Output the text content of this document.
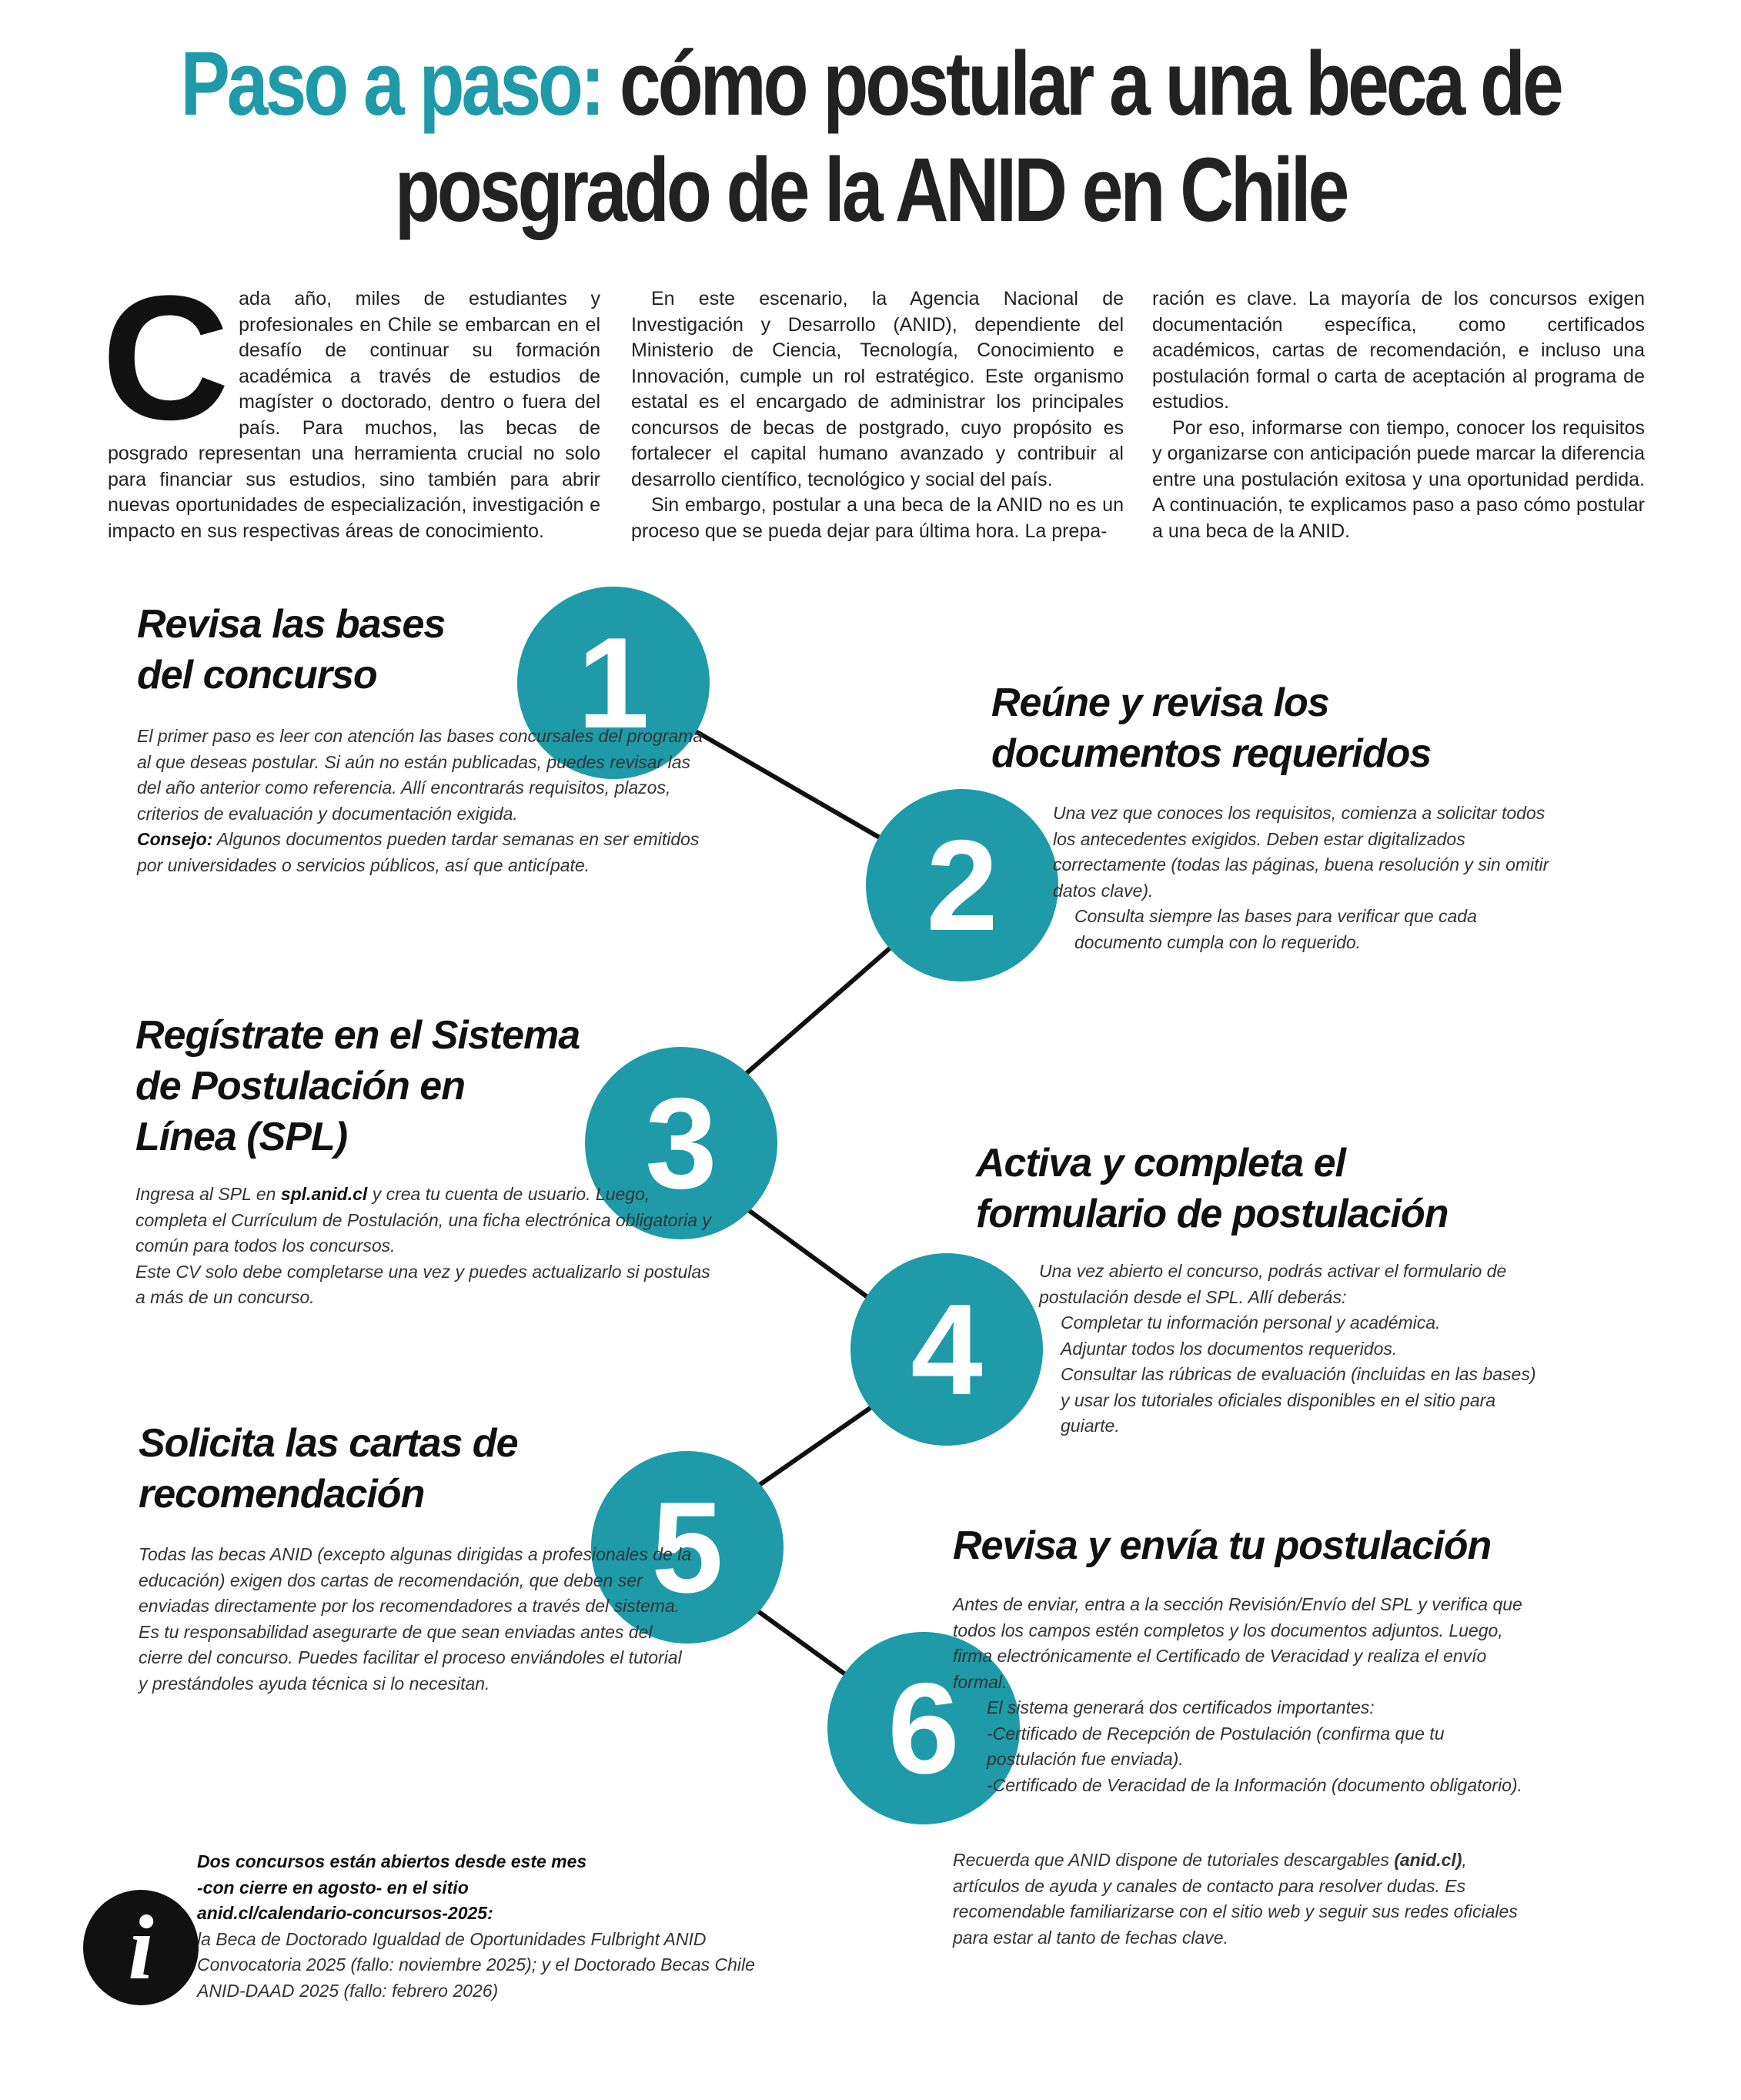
Paso a paso: cómo postular a una beca de
posgrado de la ANID en Chile
C ada año, miles de estudiantes y profesionales en Chile se embarcan en el desafío de continuar su formación académica a través de estudios de magíster o doctorado, dentro o fuera del país. Para muchos, las becas de posgrado representan una herramienta crucial no solo para financiar sus estudios, sino también para abrir nuevas oportunidades de especialización, investigación e impacto en sus respectivas áreas de conocimiento.

En este escenario, la Agencia Nacional de Investigación y Desarrollo (ANID), dependiente del Ministerio de Ciencia, Tecnología, Conocimiento e Innovación, cumple un rol estratégico. Este organismo estatal es el encargado de administrar los principales concursos de becas de postgrado, cuyo propósito es fortalecer el capital humano avanzado y contribuir al desarrollo científico, tecnológico y social del país.

Sin embargo, postular a una beca de la ANID no es un proceso que se pueda dejar para última hora. La prepa-

ración es clave. La mayoría de los concursos exigen documentación específica, como certificados académicos, cartas de recomendación, e incluso una postulación formal o carta de aceptación al programa de estudios.

Por eso, informarse con tiempo, conocer los requisitos y organizarse con anticipación puede marcar la diferencia entre una postulación exitosa y una oportunidad perdida. A continuación, te explicamos paso a paso cómo postular a una beca de la ANID.

1
2
3
4
5
6
Revisa las bases
del concurso

El primer paso es leer con atención las bases concursales del programa al que deseas postular. Si aún no están publicadas, puedes revisar las del año anterior como referencia. Allí encontrarás requisitos, plazos, criterios de evaluación y documentación exigida.

Consejo: Algunos documentos pueden tardar semanas en ser emitidos por universidades o servicios públicos, así que anticípate.

Reúne y revisa los
documentos requeridos

Una vez que conoces los requisitos, comienza a solicitar todos los antecedentes exigidos. Deben estar digitalizados correctamente (todas las páginas, buena resolución y sin omitir datos clave).

Consulta siempre las bases para verificar que cada documento cumpla con lo requerido.

Regístrate en el Sistema
de Postulación en
Línea (SPL)

Ingresa al SPL en spl.anid.cl y crea tu cuenta de usuario. Luego, completa el Currículum de Postulación, una ficha electrónica obligatoria y común para todos los concursos.

Este CV solo debe completarse una vez y puedes actualizarlo si postulas a más de un concurso.

Activa y completa el
formulario de postulación

Una vez abierto el concurso, podrás activar el formulario de postulación desde el SPL. Allí deberás:

Completar tu información personal y académica.

Adjuntar todos los documentos requeridos.

Consultar las rúbricas de evaluación (incluidas en las bases) y usar los tutoriales oficiales disponibles en el sitio para guiarte.

Solicita las cartas de
recomendación

Todas las becas ANID (excepto algunas dirigidas a profesionales de la educación) exigen dos cartas de recomendación, que deben ser enviadas directamente por los recomendadores a través del sistema.

Es tu responsabilidad asegurarte de que sean enviadas antes del cierre del concurso. Puedes facilitar el proceso enviándoles el tutorial y prestándoles ayuda técnica si lo necesitan.

Revisa y envía tu postulación

Antes de enviar, entra a la sección Revisión/Envío del SPL y verifica que todos los campos estén completos y los documentos adjuntos. Luego, firma electrónicamente el Certificado de Veracidad y realiza el envío formal.

El sistema generará dos certificados importantes:

-Certificado de Recepción de Postulación (confirma que tu postulación fue enviada).

-Certificado de Veracidad de la Información (documento obligatorio).

Recuerda que ANID dispone de tutoriales descargables (anid.cl), artículos de ayuda y canales de contacto para resolver dudas. Es recomendable familiarizarse con el sitio web y seguir sus redes oficiales para estar al tanto de fechas clave.

i

Dos concursos están abiertos desde este mes

-con cierre en agosto- en el sitio

anid.cl/calendario-concursos-2025:

la Beca de Doctorado Igualdad de Oportunidades Fulbright ANID Convocatoria 2025 (fallo: noviembre 2025); y el Doctorado Becas Chile ANID-DAAD 2025 (fallo: febrero 2026)
